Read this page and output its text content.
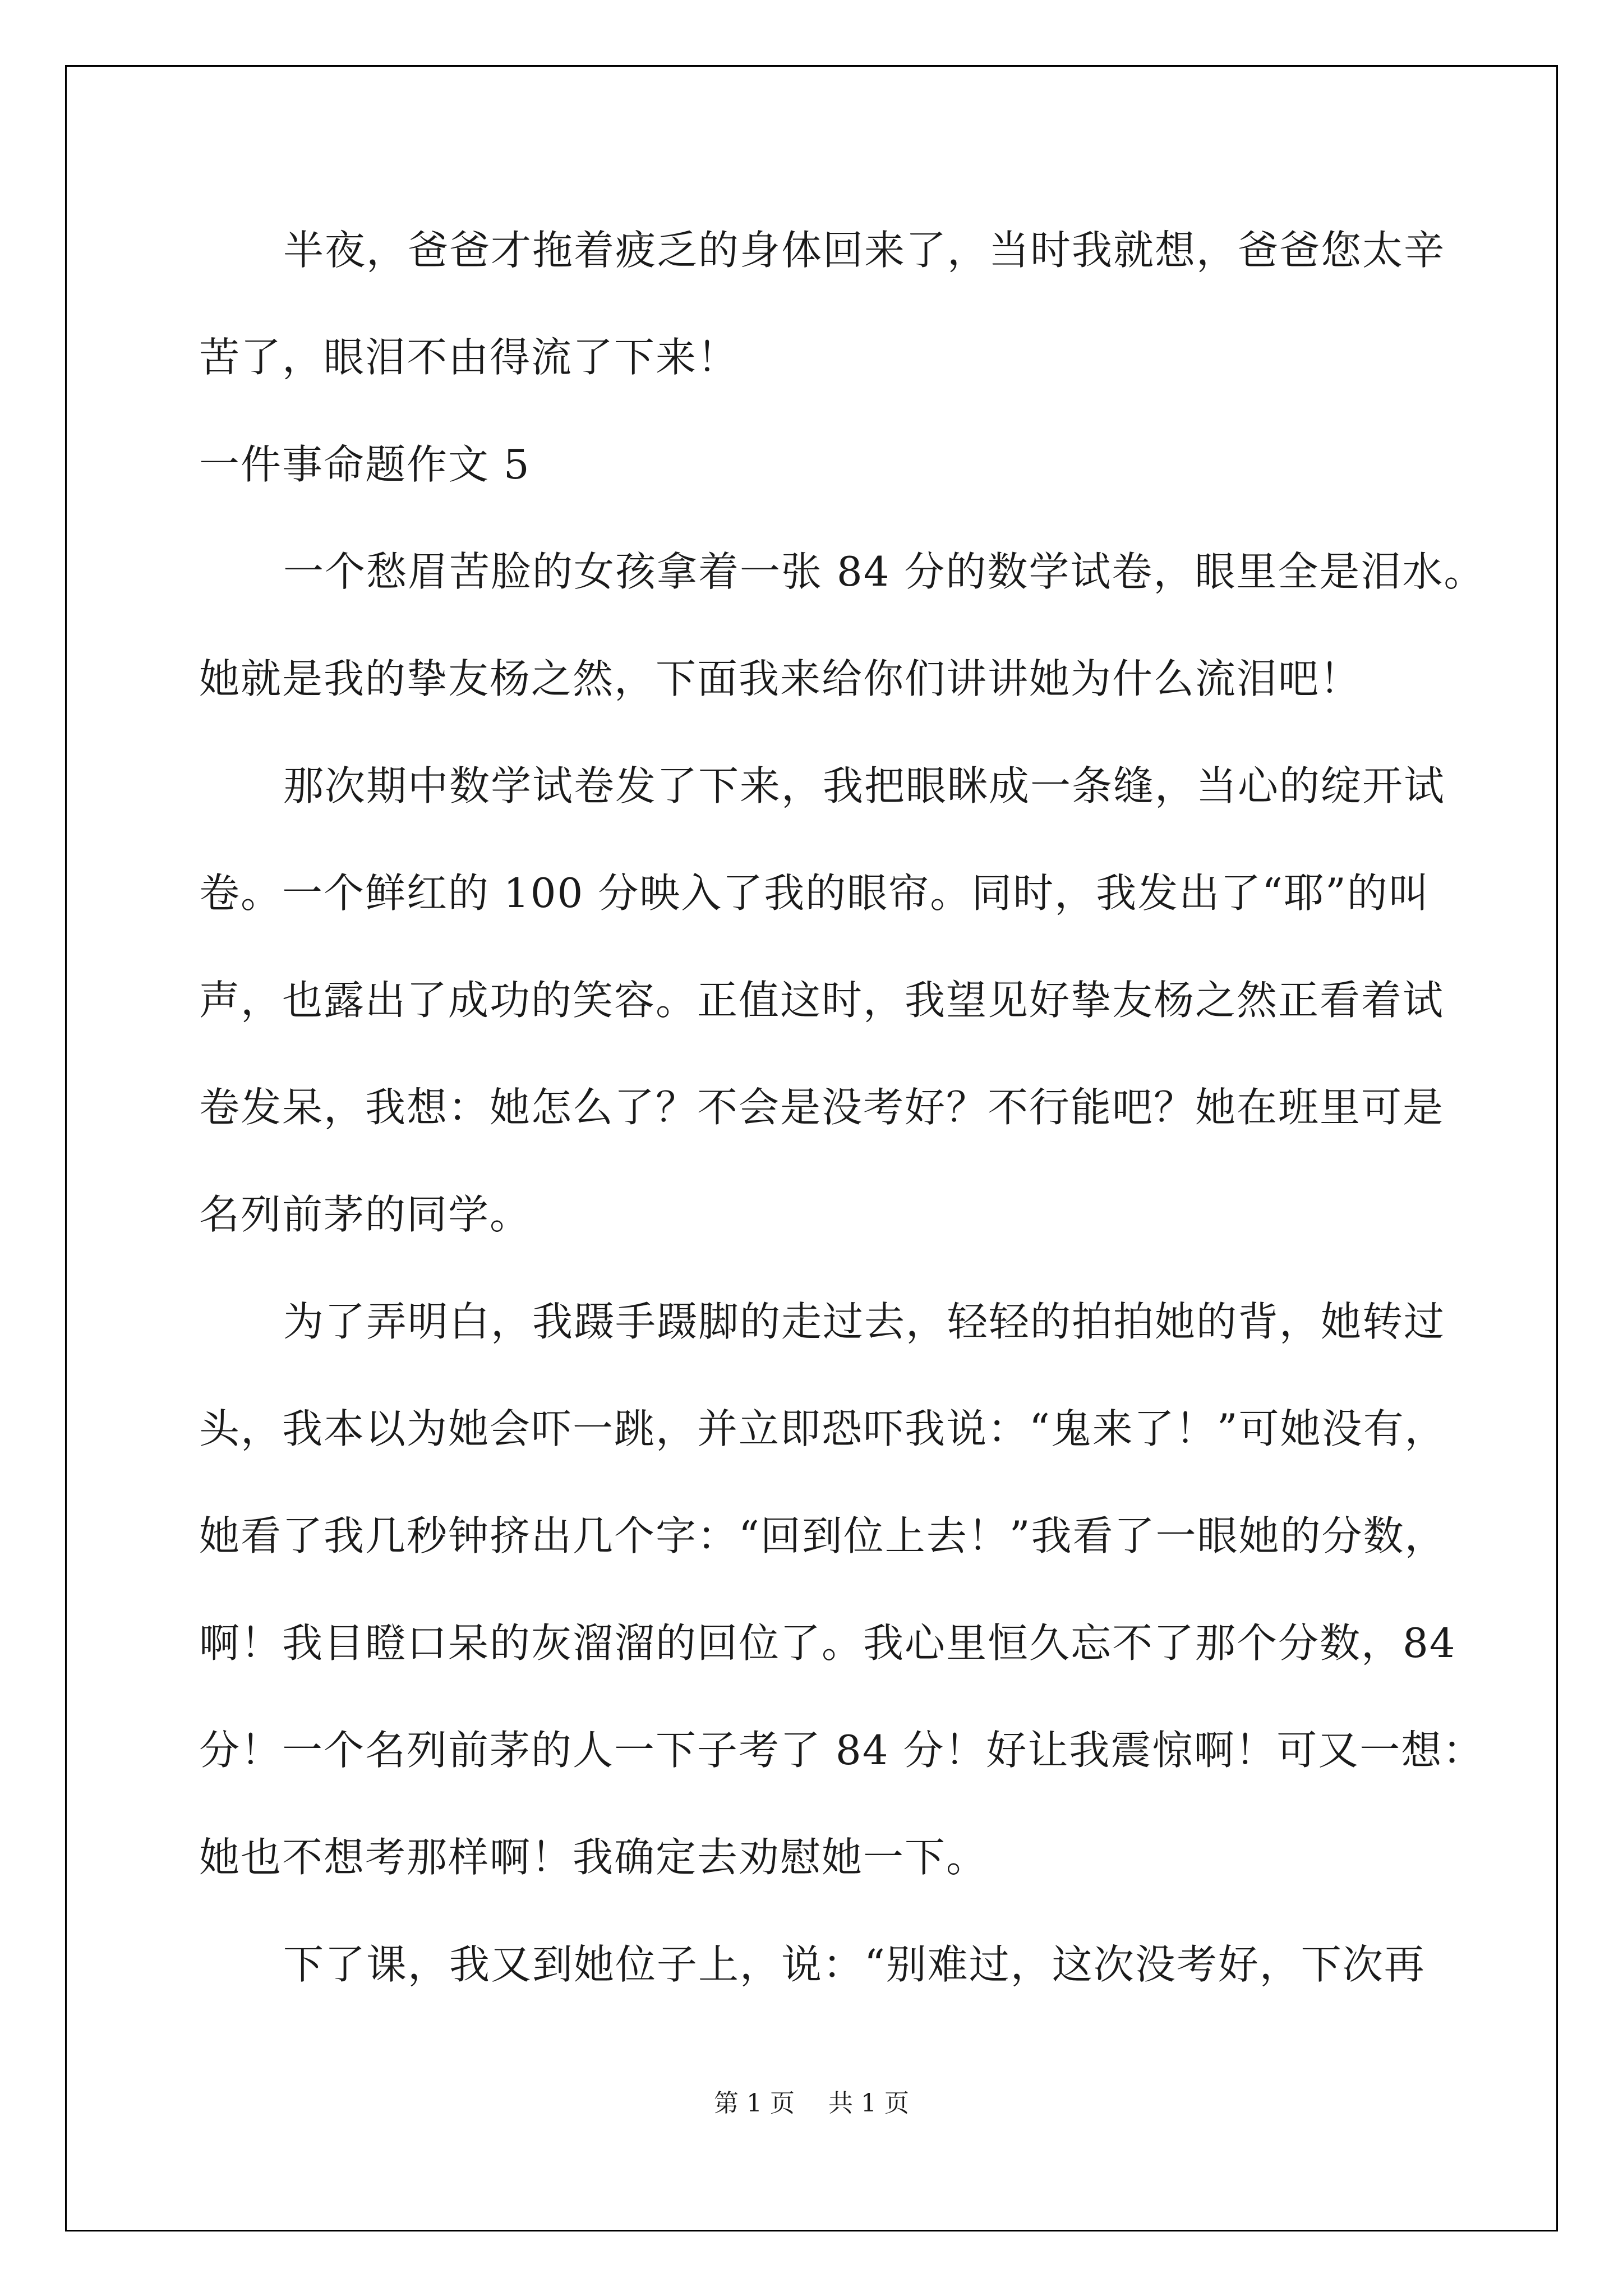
半夜，爸爸才拖着疲乏的身体回来了，当时我就想，爸爸您太辛
苦了，眼泪不由得流了下来！
一件事命题作文 5
一个愁眉苦脸的女孩拿着一张 84 分的数学试卷，眼里全是泪水。
她就是我的挚友杨之然，下面我来给你们讲讲她为什么流泪吧！
那次期中数学试卷发了下来，我把眼眯成一条缝，当心的绽开试
卷。一个鲜红的 100 分映入了我的眼帘。同时，我发出了“耶”的叫
声，也露出了成功的笑容。正值这时，我望见好挚友杨之然正看着试
卷发呆，我想：她怎么了？不会是没考好？不行能吧？她在班里可是
名列前茅的同学。
为了弄明白，我蹑手蹑脚的走过去，轻轻的拍拍她的背，她转过
头，我本以为她会吓一跳，并立即恐吓我说：“鬼来了！”可她没有，
她看了我几秒钟挤出几个字：“回到位上去！”我看了一眼她的分数，
啊！我目瞪口呆的灰溜溜的回位了。我心里恒久忘不了那个分数，84
分！一个名列前茅的人一下子考了 84 分！好让我震惊啊！可又一想：
她也不想考那样啊！我确定去劝慰她一下。
下了课，我又到她位子上，说：“别难过，这次没考好，下次再
第 1 页 共 1 页
